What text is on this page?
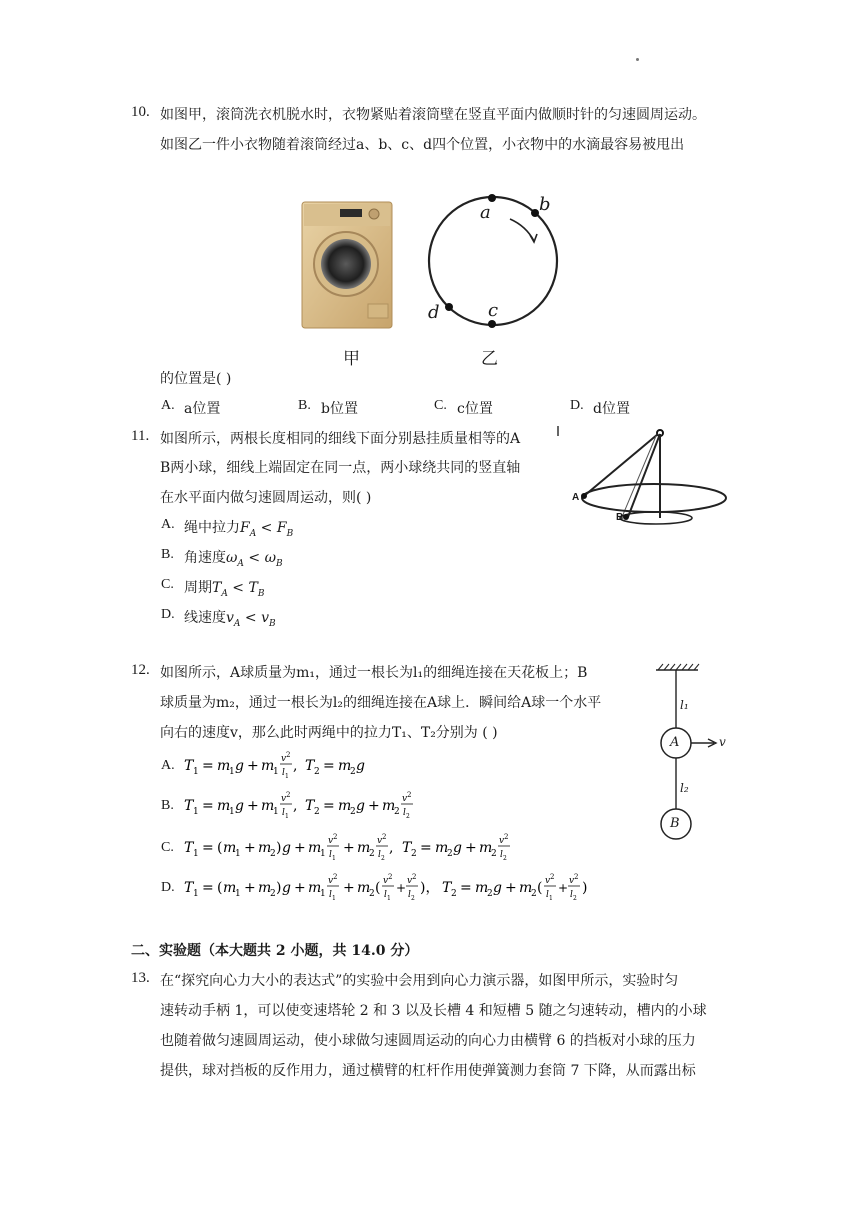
10. 如图甲，滚筒洗衣机脱水时，衣物紧贴着滚筒壁在竖直平面内做顺时针的匀速圆周运动。
如图乙一件小衣物随着滚筒经过a、b、c、d四个位置，小衣物中的水滴最容易被甩出
a	b
c
d
甲	乙
的位置是( )
A. a位置	B. b位置	C. c位置	D. d位置
11. 如图所示，两根长度相同的细线下面分别悬挂质量相等的A
B两小球，细线上端固定在同一点，两小球绕共同的竖直轴
在水平面内做匀速圆周运动，则( )	A
B
A. 绳中拉力$F_A < F_B$
B. 角速度$\omega_A < \omega_B$
C. 周期$T_A < T_B$
D. 线速度$v_A < v_B$
12. 如图所示，A球质量为m₁，通过一根长为l₁的细绳连接在天花板上；B
球质量为m₂，通过一根长为l₂的细绳连接在A球上．瞬间给A球一个水平
向右的速度v，那么此时两绳中的拉力T₁、T₂分别为 ( )
l₁
A	v
l₂
B
A. T 1 = m
1 g + m
1
v 2
l 1
, T 2 = m
2 g
B. T 1 = m
1 g + m
1
v 2
l 1
, T 2 = m
2 g + m
2
v 2
l 2
C. T 1 = ( m
1 + m
2 ) g + m
1
v 2
l 1
+ m
2
v 2
l 2
, T 2 = m
2 g + m
2
v 2
l 2
D. T 1 = ( m
1 + m
2 ) g + m
1
v 2
l 1
+ m
2 ( v 2
l 1
+ v 2
l 2
)， T 2 = m
2 g + m
2 ( v 2
l 1
+ v 2
l 2
)
二、实验题（本大题共 2 小题，共 14.0 分）
13. 在“探究向心力大小的表达式”的实验中会用到向心力演示器，如图甲所示，实验时匀
速转动手柄 1，可以使变速塔轮 2 和 3 以及长槽 4 和短槽 5 随之匀速转动，槽内的小球
也随着做匀速圆周运动，使小球做匀速圆周运动的向心力由横臂 6 的挡板对小球的压力
提供，球对挡板的反作用力，通过横臂的杠杆作用使弹簧测力套筒 7 下降，从而露出标
